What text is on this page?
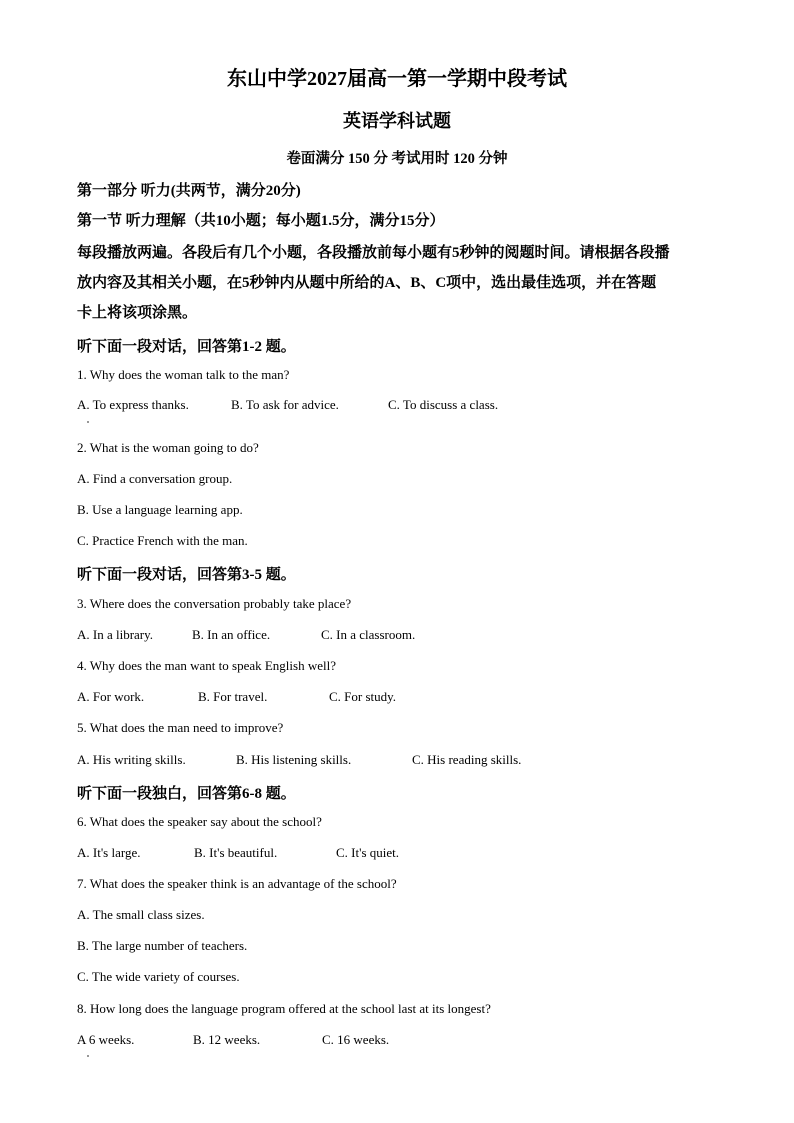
东山中学2027届高一第一学期中段考试
英语学科试题
卷面满分 150 分 考试用时 120 分钟
第一部分 听力(共两节，满分20分)
第一节 听力理解（共10小题；每小题1.5分，满分15分）
每段播放两遍。各段后有几个小题，各段播放前每小题有5秒钟的阅题时间。请根据各段播
放内容及其相关小题，在5秒钟内从题中所给的A、B、C项中，选出最佳选项，并在答题
卡上将该项涂黑。
听下面一段对话，回答第1-2 题。
1. Why does the woman talk to the man?
A. To express thanks.	B. To ask for advice.	C. To discuss a class.
2. What is the woman going to do?
A. Find a conversation group.
B. Use a language learning app.
C. Practice French with the man.
听下面一段对话，回答第3-5 题。
3. Where does the conversation probably take place?
A. In a library.	B. In an office.	C. In a classroom.
4. Why does the man want to speak English well?
A. For work.	B. For travel.	C. For study.
5. What does the man need to improve?
A. His writing skills.	B. His listening skills.	C. His reading skills.
听下面一段独白，回答第6-8 题。
6. What does the speaker say about the school?
A. It's large.	B. It's beautiful.	C. It's quiet.
7. What does the speaker think is an advantage of the school?
A. The small class sizes.
B. The large number of teachers.
C. The wide variety of courses.
8. How long does the language program offered at the school last at its longest?
A 6 weeks.	B. 12 weeks.	C. 16 weeks.
